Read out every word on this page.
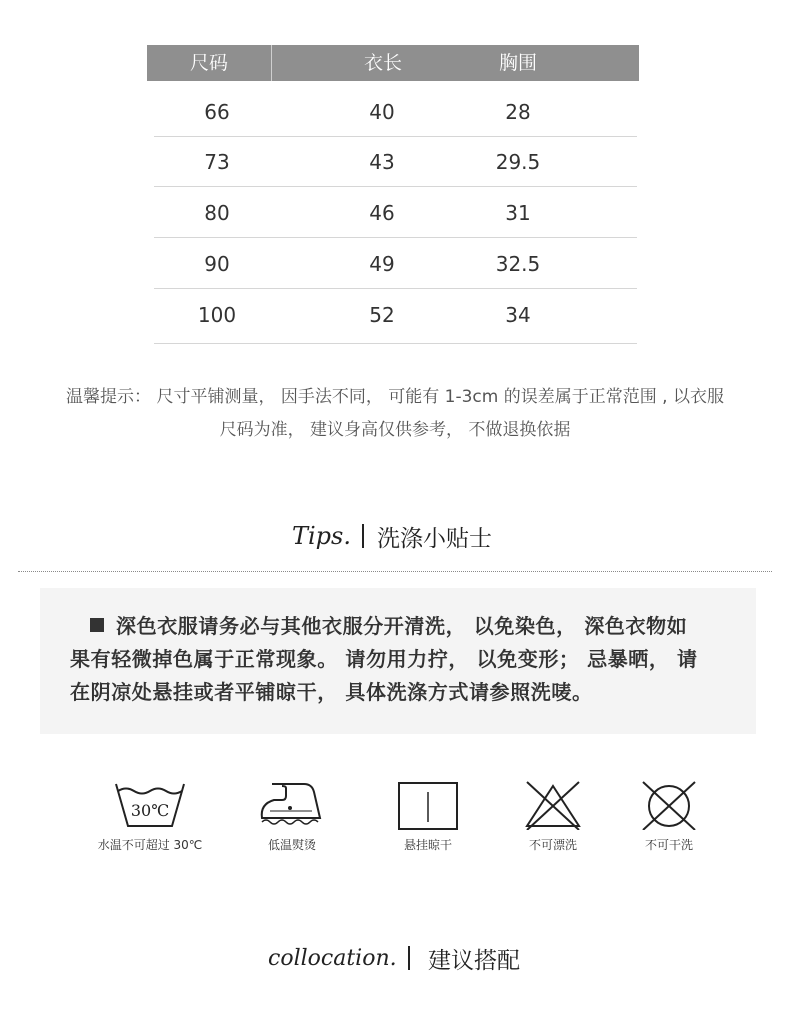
尺码	衣长	胸围
66	40	28
73	43	29.5
80	46	31
90	49	32.5
100	52	34
温馨提示： 尺寸平铺测量， 因手法不同， 可能有 1-3cm 的误差属于正常范围 , 以衣服
尺码为准， 建议身高仅供参考， 不做退换依据
Tips. 洗涤小贴士
深色衣服请务必与其他衣服分开清洗， 以免染色， 深色衣物如
果有轻微掉色属于正常现象。 请勿用力拧， 以免变形； 忌暴晒， 请
在阴凉处悬挂或者平铺晾干， 具体洗涤方式请参照洗唛。
30℃
水温不可超过 30℃	低温熨烫	悬挂晾干	不可漂洗	不可干洗
collocation. 建议搭配
